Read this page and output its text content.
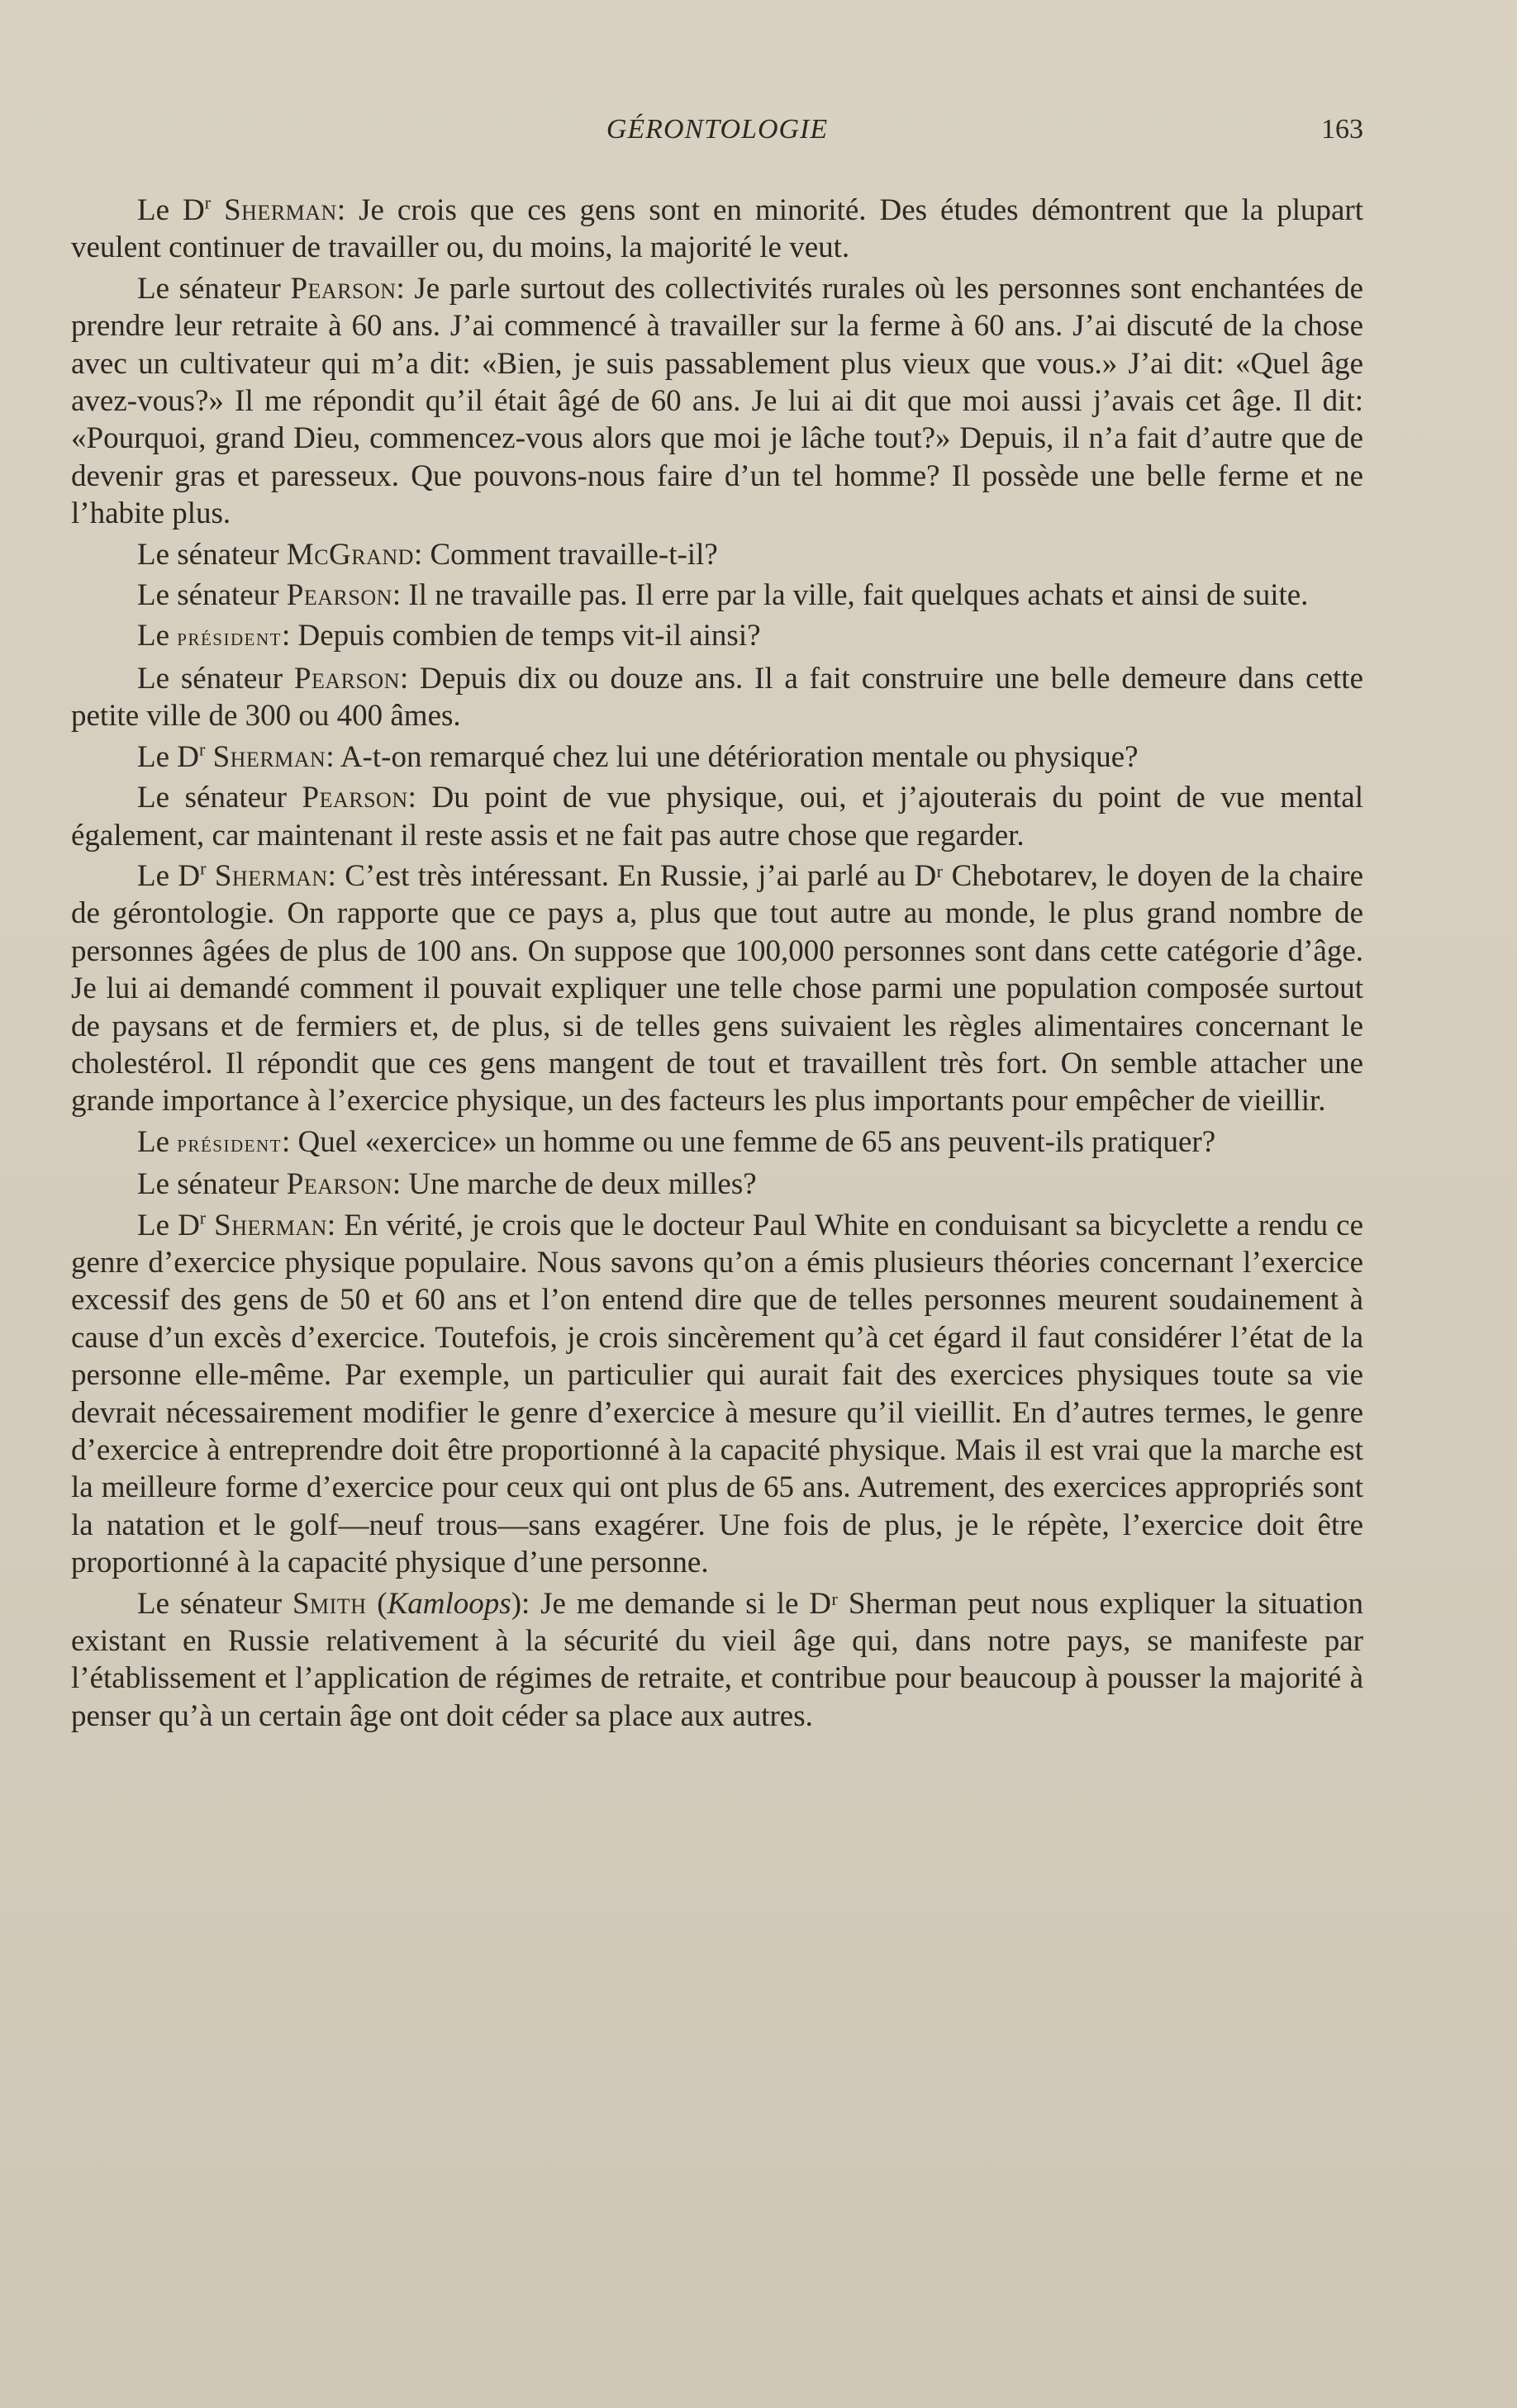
GÉRONTOLOGIE	163

Le $D^r$ Sherman: Je crois que ces gens sont en minorité. Des études démontrent que la plupart veulent continuer de travailler ou, du moins, la majorité le veut.

Le sénateur Pearson: Je parle surtout des collectivités rurales où les personnes sont enchantées de prendre leur retraite à 60 ans. J’ai commencé à travailler sur la ferme à 60 ans. J’ai discuté de la chose avec un cultivateur qui m’a dit: «Bien, je suis passablement plus vieux que vous.» J’ai dit: «Quel âge avez-vous?» Il me répondit qu’il était âgé de 60 ans. Je lui ai dit que moi aussi j’avais cet âge. Il dit: «Pourquoi, grand Dieu, commencez-vous alors que moi je lâche tout?» Depuis, il n’a fait d’autre que de devenir gras et paresseux. Que pouvons-nous faire d’un tel homme? Il possède une belle ferme et ne l’habite plus.

Le sénateur McGrand: Comment travaille-t-il?

Le sénateur Pearson: Il ne travaille pas. Il erre par la ville, fait quelques achats et ainsi de suite.

Le président: Depuis combien de temps vit-il ainsi?

Le sénateur Pearson: Depuis dix ou douze ans. Il a fait construire une belle demeure dans cette petite ville de 300 ou 400 âmes.

Le $D^r$ Sherman: A-t-on remarqué chez lui une détérioration mentale ou physique?

Le sénateur Pearson: Du point de vue physique, oui, et j’ajouterais du point de vue mental également, car maintenant il reste assis et ne fait pas autre chose que regarder.

Le $D^r$ Sherman: C’est très intéressant. En Russie, j’ai parlé au Dʳ Chebotarev, le doyen de la chaire de gérontologie. On rapporte que ce pays a, plus que tout autre au monde, le plus grand nombre de personnes âgées de plus de 100 ans. On suppose que 100,000 personnes sont dans cette catégorie d’âge. Je lui ai demandé comment il pouvait expliquer une telle chose parmi une population composée surtout de paysans et de fermiers et, de plus, si de telles gens suivaient les règles alimentaires concernant le cholestérol. Il répondit que ces gens mangent de tout et travaillent très fort. On semble attacher une grande importance à l’exercice physique, un des facteurs les plus importants pour empêcher de vieillir.

Le président: Quel «exercice» un homme ou une femme de 65 ans peuvent-ils pratiquer?

Le sénateur Pearson: Une marche de deux milles?

Le $D^r$ Sherman: En vérité, je crois que le docteur Paul White en conduisant sa bicyclette a rendu ce genre d’exercice physique populaire. Nous savons qu’on a émis plusieurs théories concernant l’exercice excessif des gens de 50 et 60 ans et l’on entend dire que de telles personnes meurent soudainement à cause d’un excès d’exercice. Toutefois, je crois sincèrement qu’à cet égard il faut considérer l’état de la personne elle-même. Par exemple, un particulier qui aurait fait des exercices physiques toute sa vie devrait nécessairement modifier le genre d’exercice à mesure qu’il vieillit. En d’autres termes, le genre d’exercice à entreprendre doit être proportionné à la capacité physique. Mais il est vrai que la marche est la meilleure forme d’exercice pour ceux qui ont plus de 65 ans. Autrement, des exercices appropriés sont la natation et le golf—neuf trous—sans exagérer. Une fois de plus, je le répète, l’exercice doit être proportionné à la capacité physique d’une personne.

Le sénateur Smith (Kamloops): Je me demande si le Dʳ Sherman peut nous expliquer la situation existant en Russie relativement à la sécurité du vieil âge qui, dans notre pays, se manifeste par l’établissement et l’application de régimes de retraite, et contribue pour beaucoup à pousser la majorité à penser qu’à un certain âge ont doit céder sa place aux autres.
